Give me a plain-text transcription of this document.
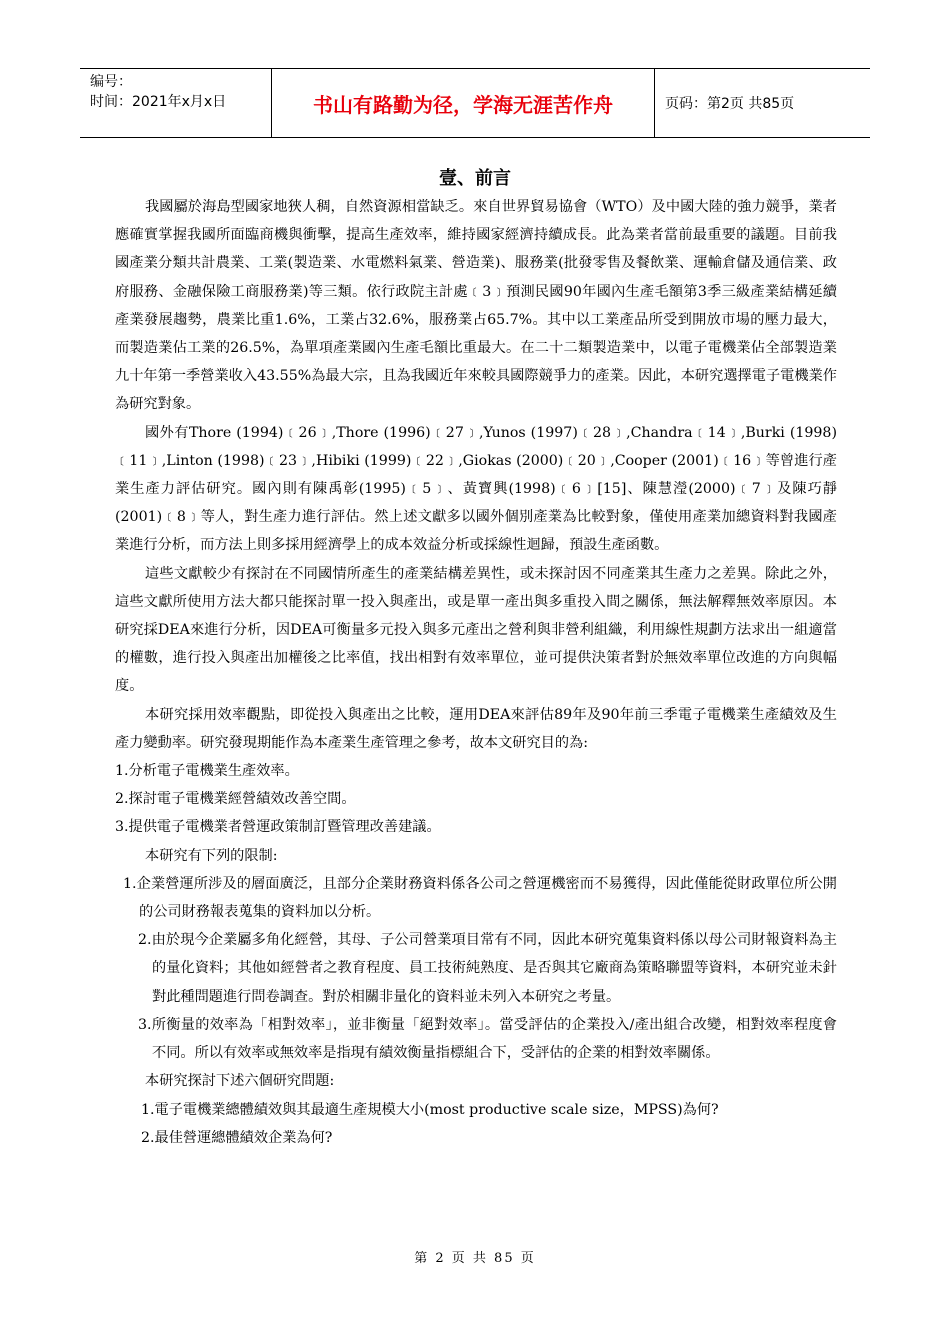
编号：
时间：2021年x月x日	书山有路勤为径，学海无涯苦作舟	页码：第2页 共85页
壹、前言

我國屬於海島型國家地狹人稠，自然資源相當缺乏。來自世界貿易協會（WTO）及中國大陸的強力競爭，業者應確實掌握我國所面臨商機與衝擊，提高生產效率，維持國家經濟持續成長。此為業者當前最重要的議題。目前我國產業分類共計農業、工業(製造業、水電燃料氣業、營造業)、服務業(批發零售及餐飲業、運輸倉儲及通信業、政府服務、金融保險工商服務業)等三類。依行政院主計處﹝3﹞預測民國90年國內生產毛額第3季三級產業結構延續產業發展趨勢，農業比重1.6%，工業占32.6%，服務業占65.7%。其中以工業產品所受到開放市場的壓力最大，而製造業佔工業的26.5%，為單項產業國內生產毛額比重最大。在二十二類製造業中，以電子電機業佔全部製造業九十年第一季營業收入43.55%為最大宗，且為我國近年來較具國際競爭力的產業。因此，本研究選擇電子電機業作為研究對象。

國外有Thore (1994)﹝26﹞,Thore (1996)﹝27﹞,Yunos (1997)﹝28﹞,Chandra﹝14﹞,Burki (1998)﹝11﹞,Linton (1998)﹝23﹞,Hibiki (1999)﹝22﹞,Giokas (2000)﹝20﹞,Cooper (2001)﹝16﹞等曾進行產業生產力評估研究。國內則有陳禹彰(1995)﹝5﹞、黃寶興(1998)﹝6﹞[15]、陳慧瀅(2000)﹝7﹞及陳巧靜(2001)﹝8﹞等人，對生產力進行評估。然上述文獻多以國外個別產業為比較對象，僅使用產業加總資料對我國產業進行分析，而方法上則多採用經濟學上的成本效益分析或採線性迴歸，預設生產函數。

這些文獻較少有探討在不同國情所產生的產業結構差異性，或未探討因不同產業其生產力之差異。除此之外，這些文獻所使用方法大都只能探討單一投入與產出，或是單一產出與多重投入間之關係，無法解釋無效率原因。本研究採DEA來進行分析，因DEA可衡量多元投入與多元產出之營利與非營利組織，利用線性規劃方法求出一組適當的權數，進行投入與產出加權後之比率值，找出相對有效率單位，並可提供決策者對於無效率單位改進的方向與幅度。

本研究採用效率觀點，即從投入與產出之比較，運用DEA來評估89年及90年前三季電子電機業生產績效及生產力變動率。研究發現期能作為本產業生產管理之參考，故本文研究目的為:

1.分析電子電機業生產效率。

2.探討電子電機業經營績效改善空間。

3.提供電子電機業者營運政策制訂暨管理改善建議。

本研究有下列的限制:

1.企業營運所涉及的層面廣泛，且部分企業財務資料係各公司之營運機密而不易獲得，因此僅能從財政單位所公開的公司財務報表蒐集的資料加以分析。

2.由於現今企業屬多角化經營，其母、子公司營業項目常有不同，因此本研究蒐集資料係以母公司財報資料為主的量化資料；其他如經營者之教育程度、員工技術純熟度、是否與其它廠商為策略聯盟等資料，本研究並未針對此種問題進行問卷調查。對於相關非量化的資料並未列入本研究之考量。

3.所衡量的效率為「相對效率」，並非衡量「絕對效率」。當受評估的企業投入/產出組合改變，相對效率程度會不同。所以有效率或無效率是指現有績效衡量指標組合下，受評估的企業的相對效率關係。

本研究探討下述六個研究問題:

1.電子電機業總體績效與其最適生產規模大小(most productive scale size，MPSS)為何?

2.最佳營運總體績效企業為何?

第 2 页 共 85 页
